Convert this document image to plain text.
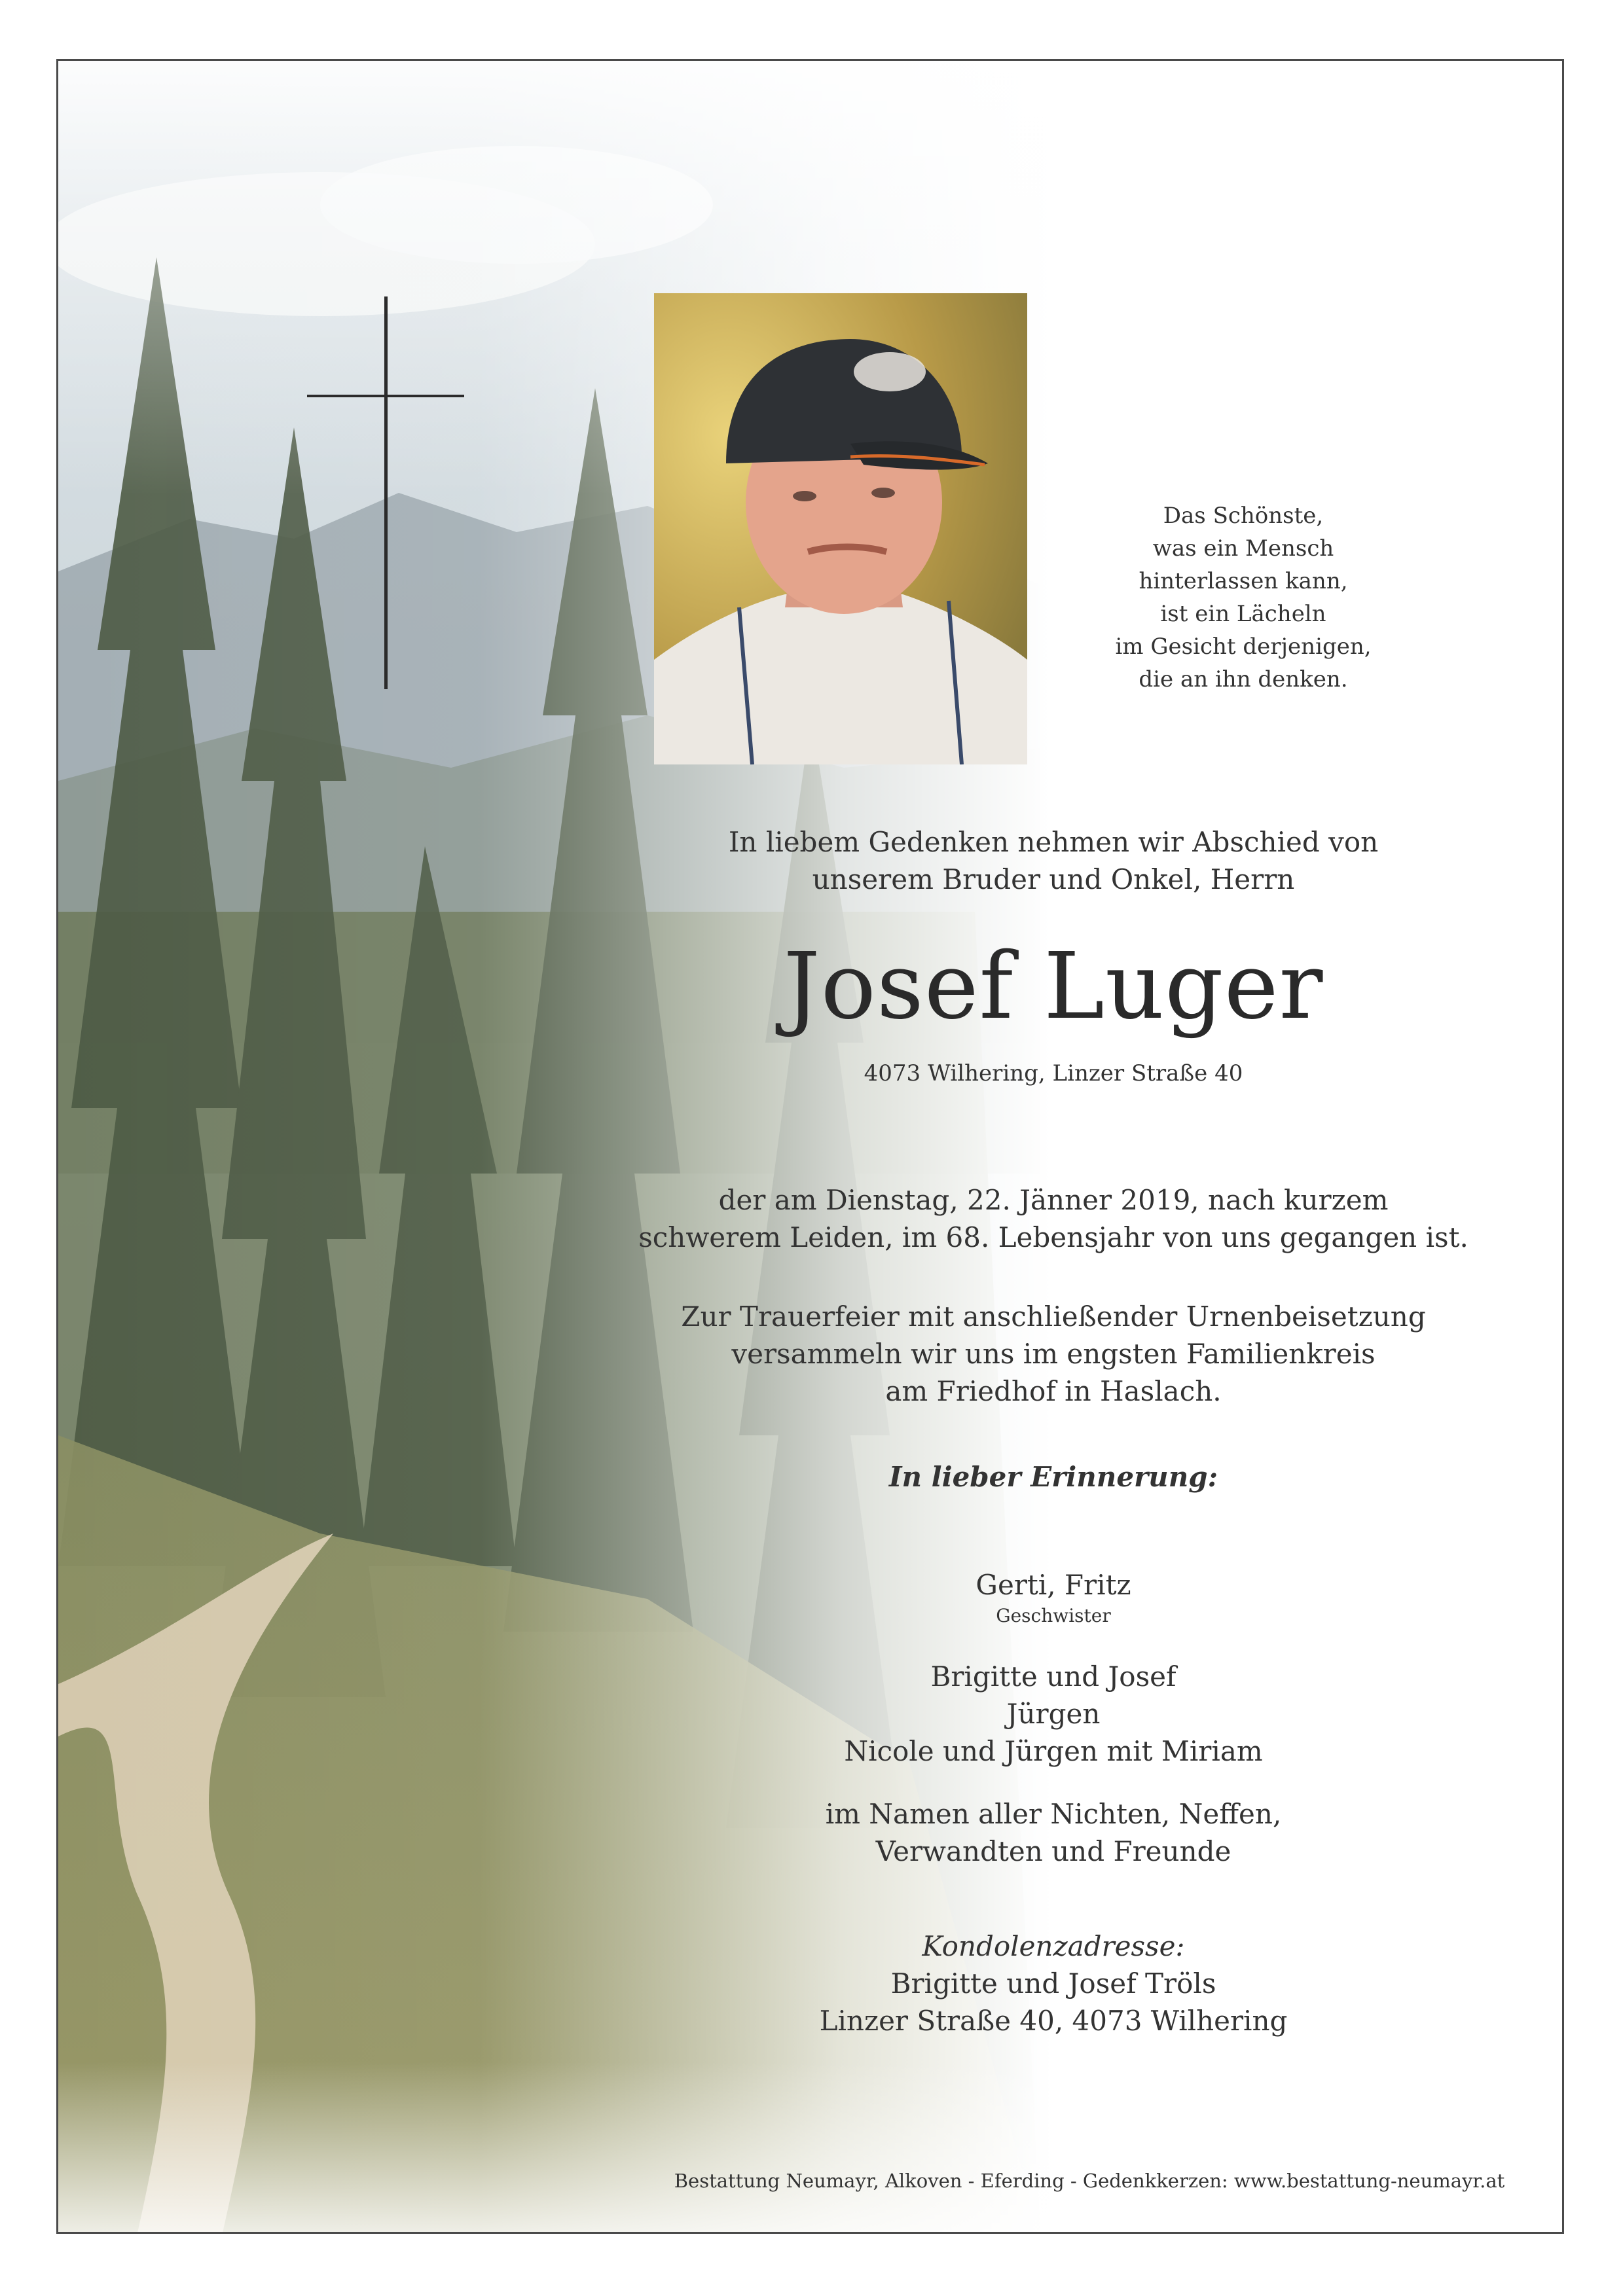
Das Schönste,
was ein Mensch
hinterlassen kann,
ist ein Lächeln
im Gesicht derjenigen,
die an ihn denken.
In liebem Gedenken nehmen wir Abschied von
unserem Bruder und Onkel, Herrn
Josef Luger
4073 Wilhering, Linzer Straße 40
der am Dienstag, 22. Jänner 2019, nach kurzem
schwerem Leiden, im 68. Lebensjahr von uns gegangen ist.
Zur Trauerfeier mit anschließender Urnenbeisetzung
versammeln wir uns im engsten Familienkreis
am Friedhof in Haslach.
In lieber Erinnerung:
Gerti, Fritz
Geschwister
Brigitte und Josef
Jürgen
Nicole und Jürgen mit Miriam
im Namen aller Nichten, Neffen,
Verwandten und Freunde
Kondolenzadresse:
Brigitte und Josef Tröls
Linzer Straße 40, 4073 Wilhering
Bestattung Neumayr, Alkoven - Eferding - Gedenkkerzen: www.bestattung-neumayr.at
